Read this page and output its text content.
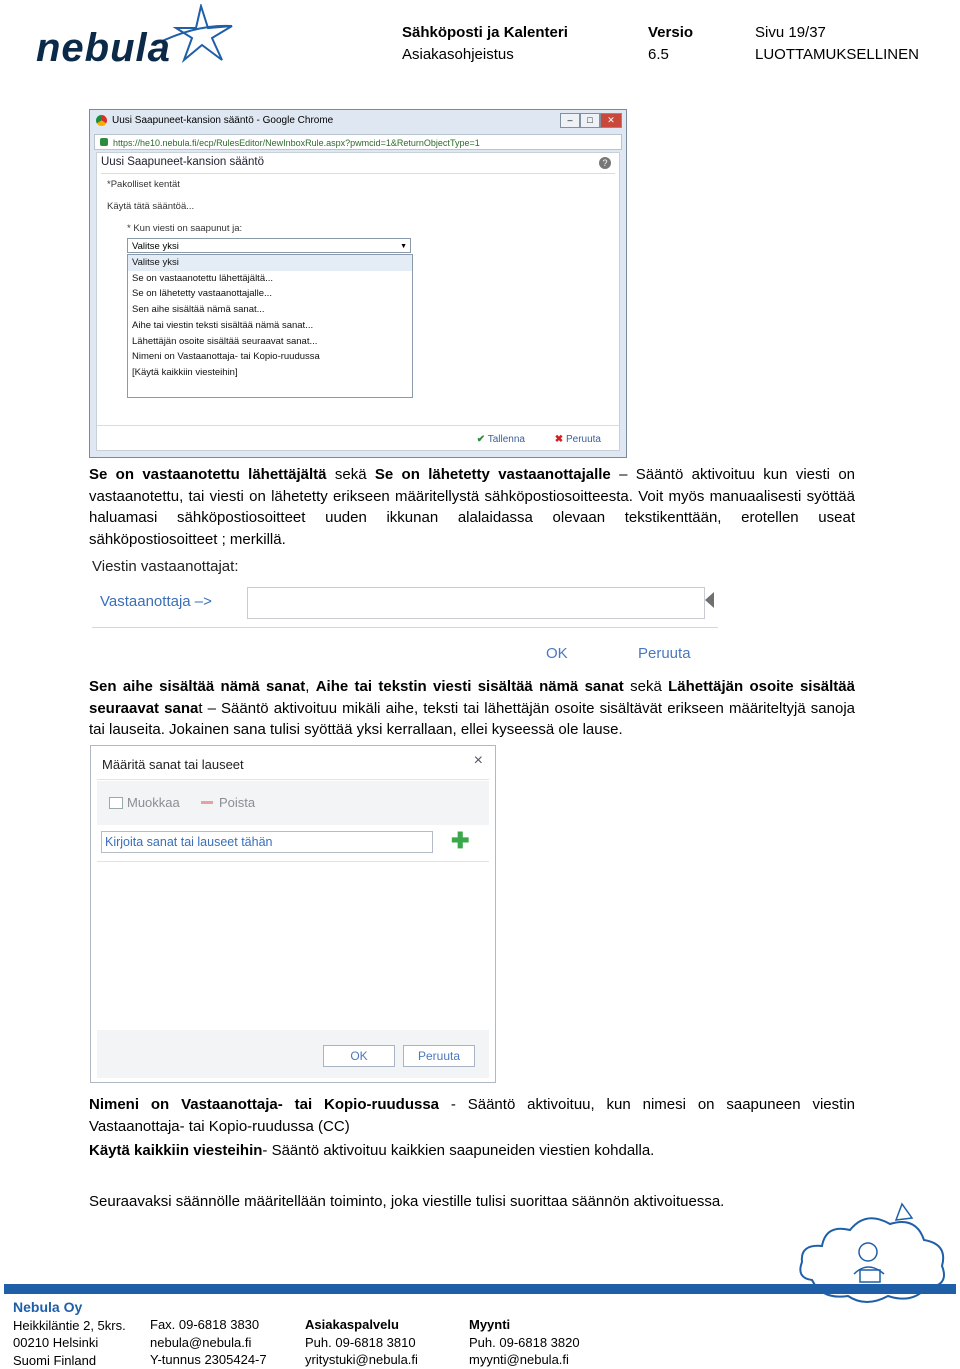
nebula	Sähköposti ja Kalenteri
Asiakasohjeistus
Versio
6.5
Sivu 19/37
LUOTTAMUKSELLINEN
Uusi Saapuneet-kansion sääntö - Google Chrome	–	□	✕
https://he10.nebula.fi/ecp/RulesEditor/NewInboxRule.aspx?pwmcid=1&ReturnObjectType=1
Uusi Saapuneet-kansion sääntö	?
*Pakolliset kentät
Käytä tätä sääntöä...
* Kun viesti on saapunut ja:
Valitse yksi	▼
Valitse yksi
Se on vastaanotettu lähettäjältä...
Se on lähetetty vastaanottajalle...
Sen aihe sisältää nämä sanat...
Aihe tai viestin teksti sisältää nämä sanat...
Lähettäjän osoite sisältää seuraavat sanat...
Nimeni on Vastaanottaja- tai Kopio-ruudussa
[Käytä kaikkiin viesteihin]
✔ Tallenna	✖ Peruuta
Se on vastaanotettu lähettäjältä sekä Se on lähetetty vastaanottajalle – Sääntö aktivoituu kun viesti on vastaanotettu, tai viesti on lähetetty erikseen määritellystä sähköpostiosoitteesta. Voit myös manuaalisesti syöttää haluamasi sähköpostiosoitteet uuden ikkunan alalaidassa olevaan tekstikenttään, erotellen useat sähköpostiosoitteet ; merkillä.
Viestin vastaanottajat:
Vastaanottaja –>
OK	Peruuta
Sen aihe sisältää nämä sanat, Aihe tai tekstin viesti sisältää nämä sanat sekä Lähettäjän osoite sisältää seuraavat sanat – Sääntö aktivoituu mikäli aihe, teksti tai lähettäjän osoite sisältävät erikseen määriteltyjä sanoja tai lauseita. Jokainen sana tulisi syöttää yksi kerrallaan, ellei kyseessä ole lause.
Määritä sanat tai lauseet	×
Muokkaa	Poista
Kirjoita sanat tai lauseet tähän	✚
OK	Peruuta
Nimeni on Vastaanottaja- tai Kopio-ruudussa - Sääntö aktivoituu, kun nimesi on saapuneen viestin Vastaanottaja- tai Kopio-ruudussa (CC)
Käytä kaikkiin viesteihin- Sääntö aktivoituu kaikkien saapuneiden viestien kohdalla.
Seuraavaksi säännölle määritellään toiminto, joka viestille tulisi suorittaa säännön aktivoituessa.
Nebula Oy
Heikkiläntie 2, 5krs.
00210 Helsinki
Suomi Finland
Fax. 09-6818 3830
nebula@nebula.fi
Y-tunnus 2305424-7
Asiakaspalvelu
Puh. 09-6818 3810
yritystuki@nebula.fi
Myynti
Puh. 09-6818 3820
myynti@nebula.fi
